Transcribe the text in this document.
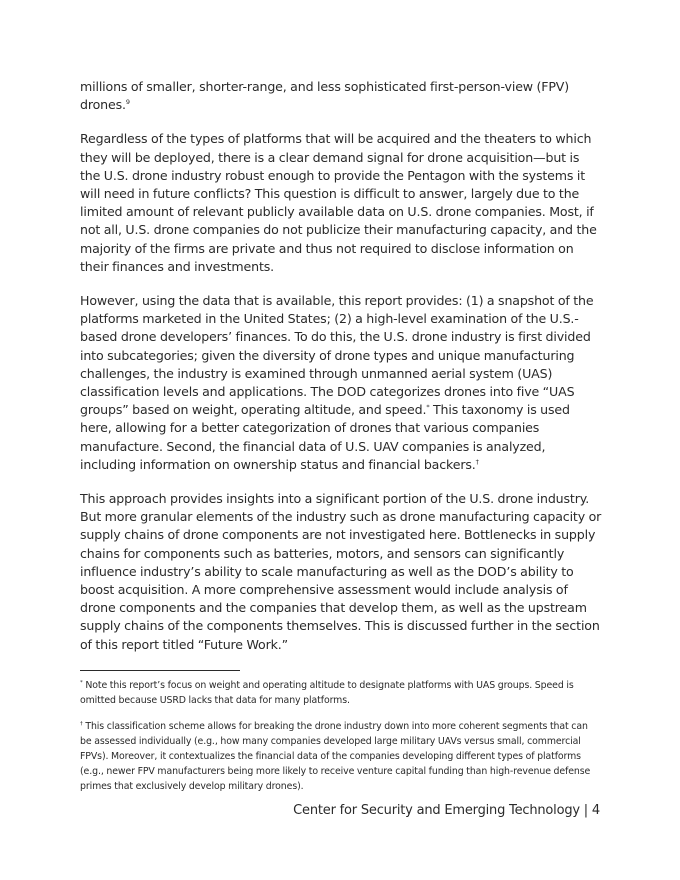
millions of smaller, shorter-range, and less sophisticated first-person-view (FPV) drones.$^9$

Regardless of the types of platforms that will be acquired and the theaters to which they will be deployed, there is a clear demand signal for drone acquisition—but is the U.S. drone industry robust enough to provide the Pentagon with the systems it will need in future conflicts? This question is difficult to answer, largely due to the limited amount of relevant publicly available data on U.S. drone companies. Most, if not all, U.S. drone companies do not publicize their manufacturing capacity, and the majority of the firms are private and thus not required to disclose information on their finances and investments.

However, using the data that is available, this report provides: (1) a snapshot of the platforms marketed in the United States; (2) a high-level examination of the U.S.-based drone developers’ finances. To do this, the U.S. drone industry is first divided into subcategories; given the diversity of drone types and unique manufacturing challenges, the industry is examined through unmanned aerial system (UAS) classification levels and applications. The DOD categorizes drones into five “UAS groups” based on weight, operating altitude, and speed.* This taxonomy is used here, allowing for a better categorization of drones that various companies manufacture. Second, the financial data of U.S. UAV companies is analyzed, including information on ownership status and financial backers.†

This approach provides insights into a significant portion of the U.S. drone industry. But more granular elements of the industry such as drone manufacturing capacity or supply chains of drone components are not investigated here. Bottlenecks in supply chains for components such as batteries, motors, and sensors can significantly influence industry’s ability to scale manufacturing as well as the DOD’s ability to boost acquisition. A more comprehensive assessment would include analysis of drone components and the companies that develop them, as well as the upstream supply chains of the components themselves. This is discussed further in the section of this report titled “Future Work.”

* Note this report’s focus on weight and operating altitude to designate platforms with UAS groups. Speed is omitted because USRD lacks that data for many platforms.

† This classification scheme allows for breaking the drone industry down into more coherent segments that can be assessed individually (e.g., how many companies developed large military UAVs versus small, commercial FPVs). Moreover, it contextualizes the financial data of the companies developing different types of platforms (e.g., newer FPV manufacturers being more likely to receive venture capital funding than high-revenue defense primes that exclusively develop military drones).

Center for Security and Emerging Technology | 4
